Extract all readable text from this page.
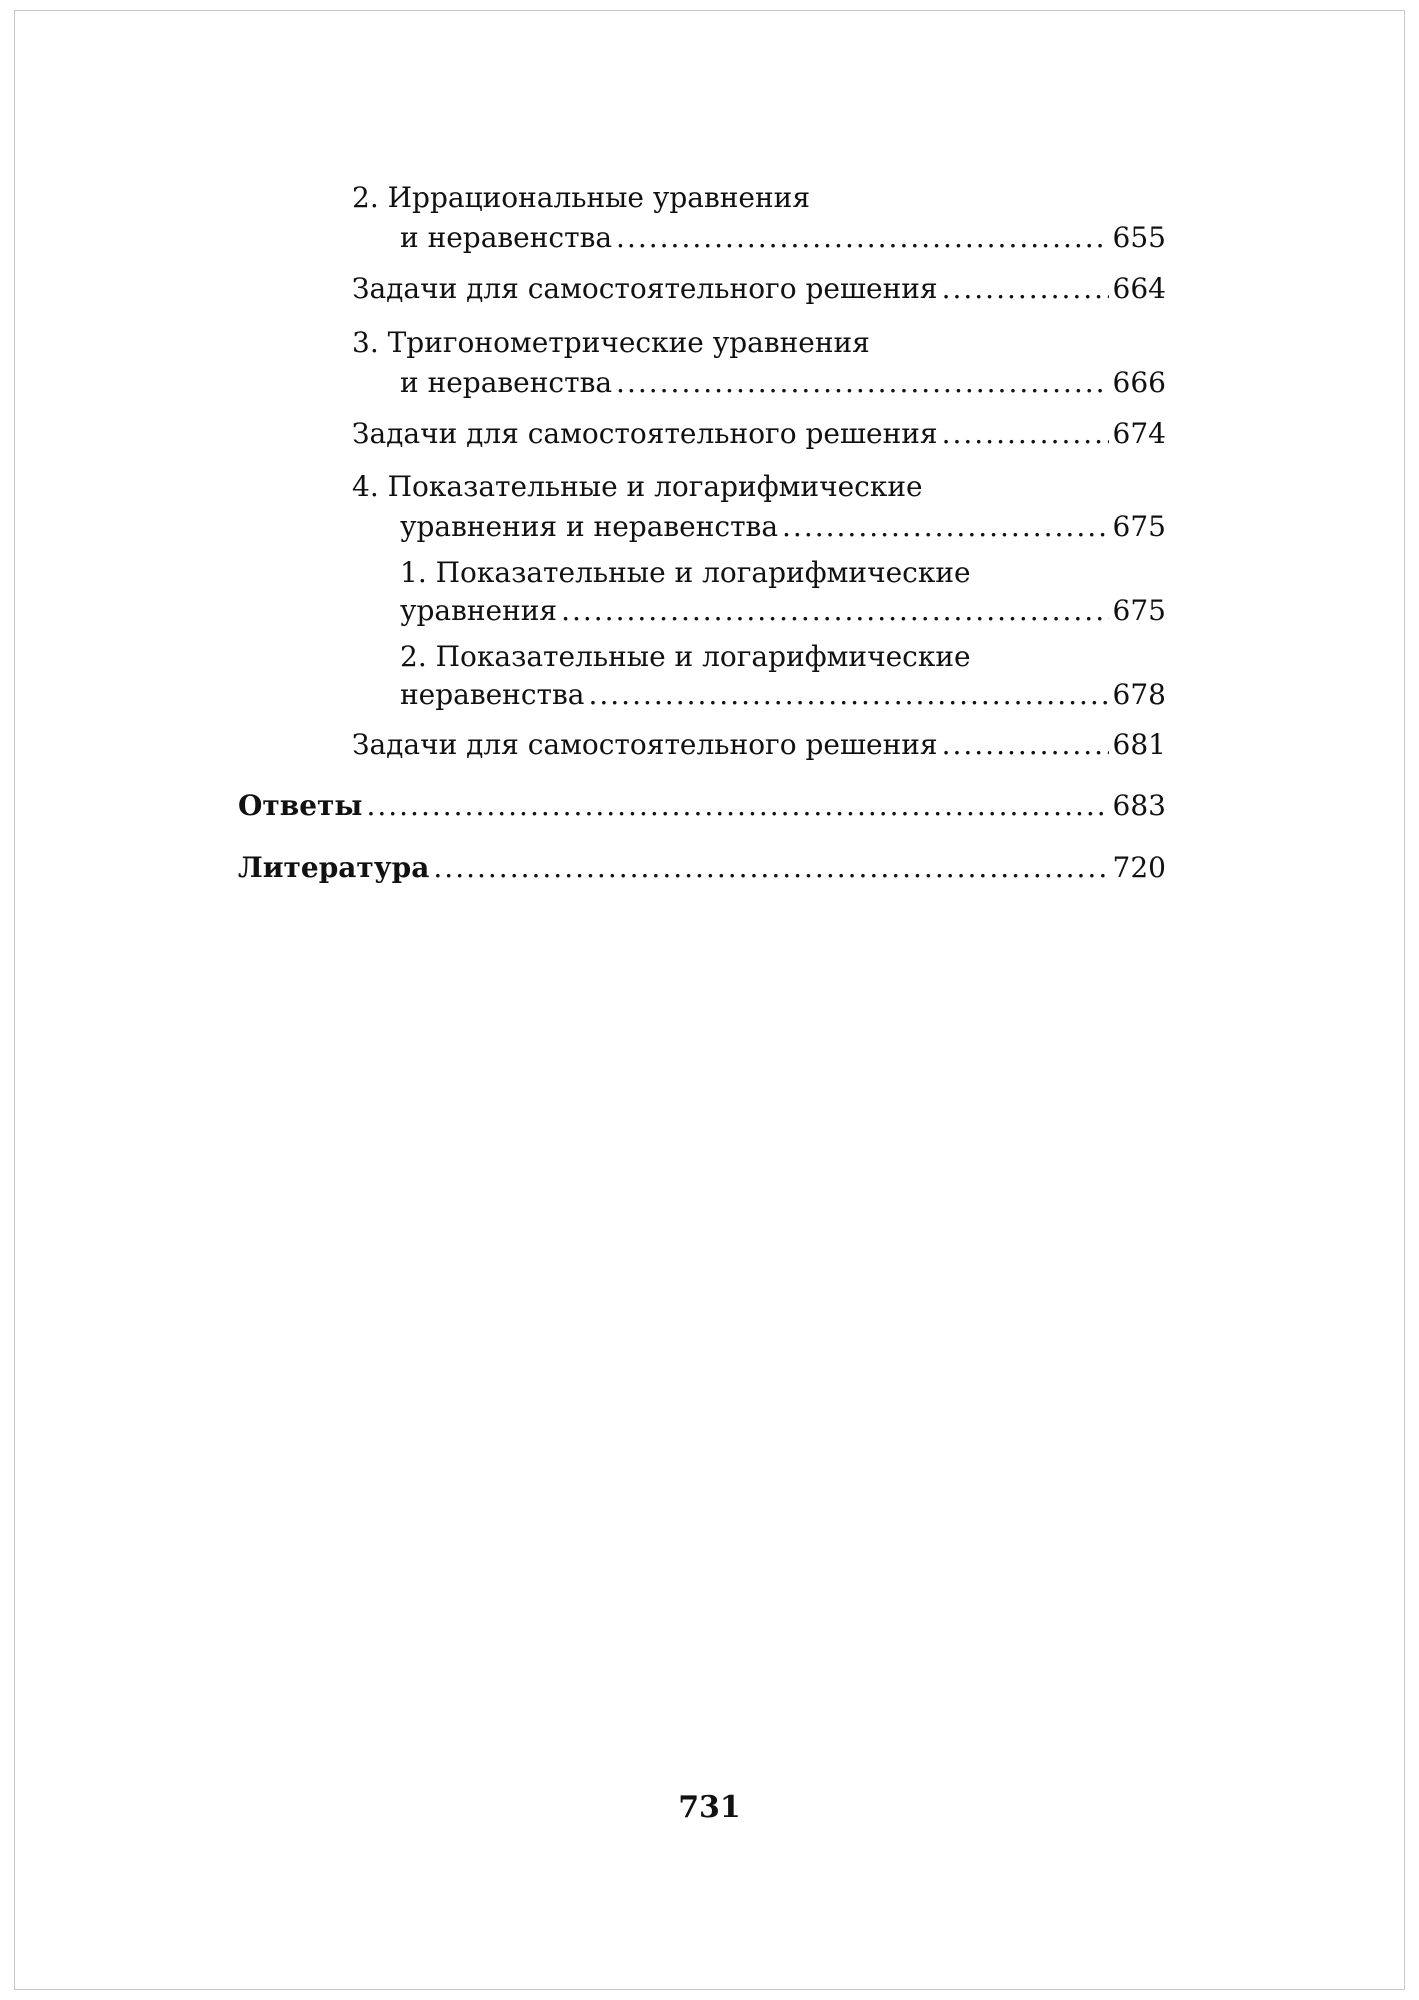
2. Иррациональные уравнения
и неравенства .....	655
Задачи для самостоятельного решения .....	664
3. Тригонометрические уравнения
и неравенства .....	666
Задачи для самостоятельного решения .....	674
4. Показательные и логарифмические
уравнения и неравенства .....	675
1. Показательные и логарифмические
уравнения .....	675
2. Показательные и логарифмические
неравенства .....	678
Задачи для самостоятельного решения .....	681
Ответы .....	683
Литература .....	720
731
